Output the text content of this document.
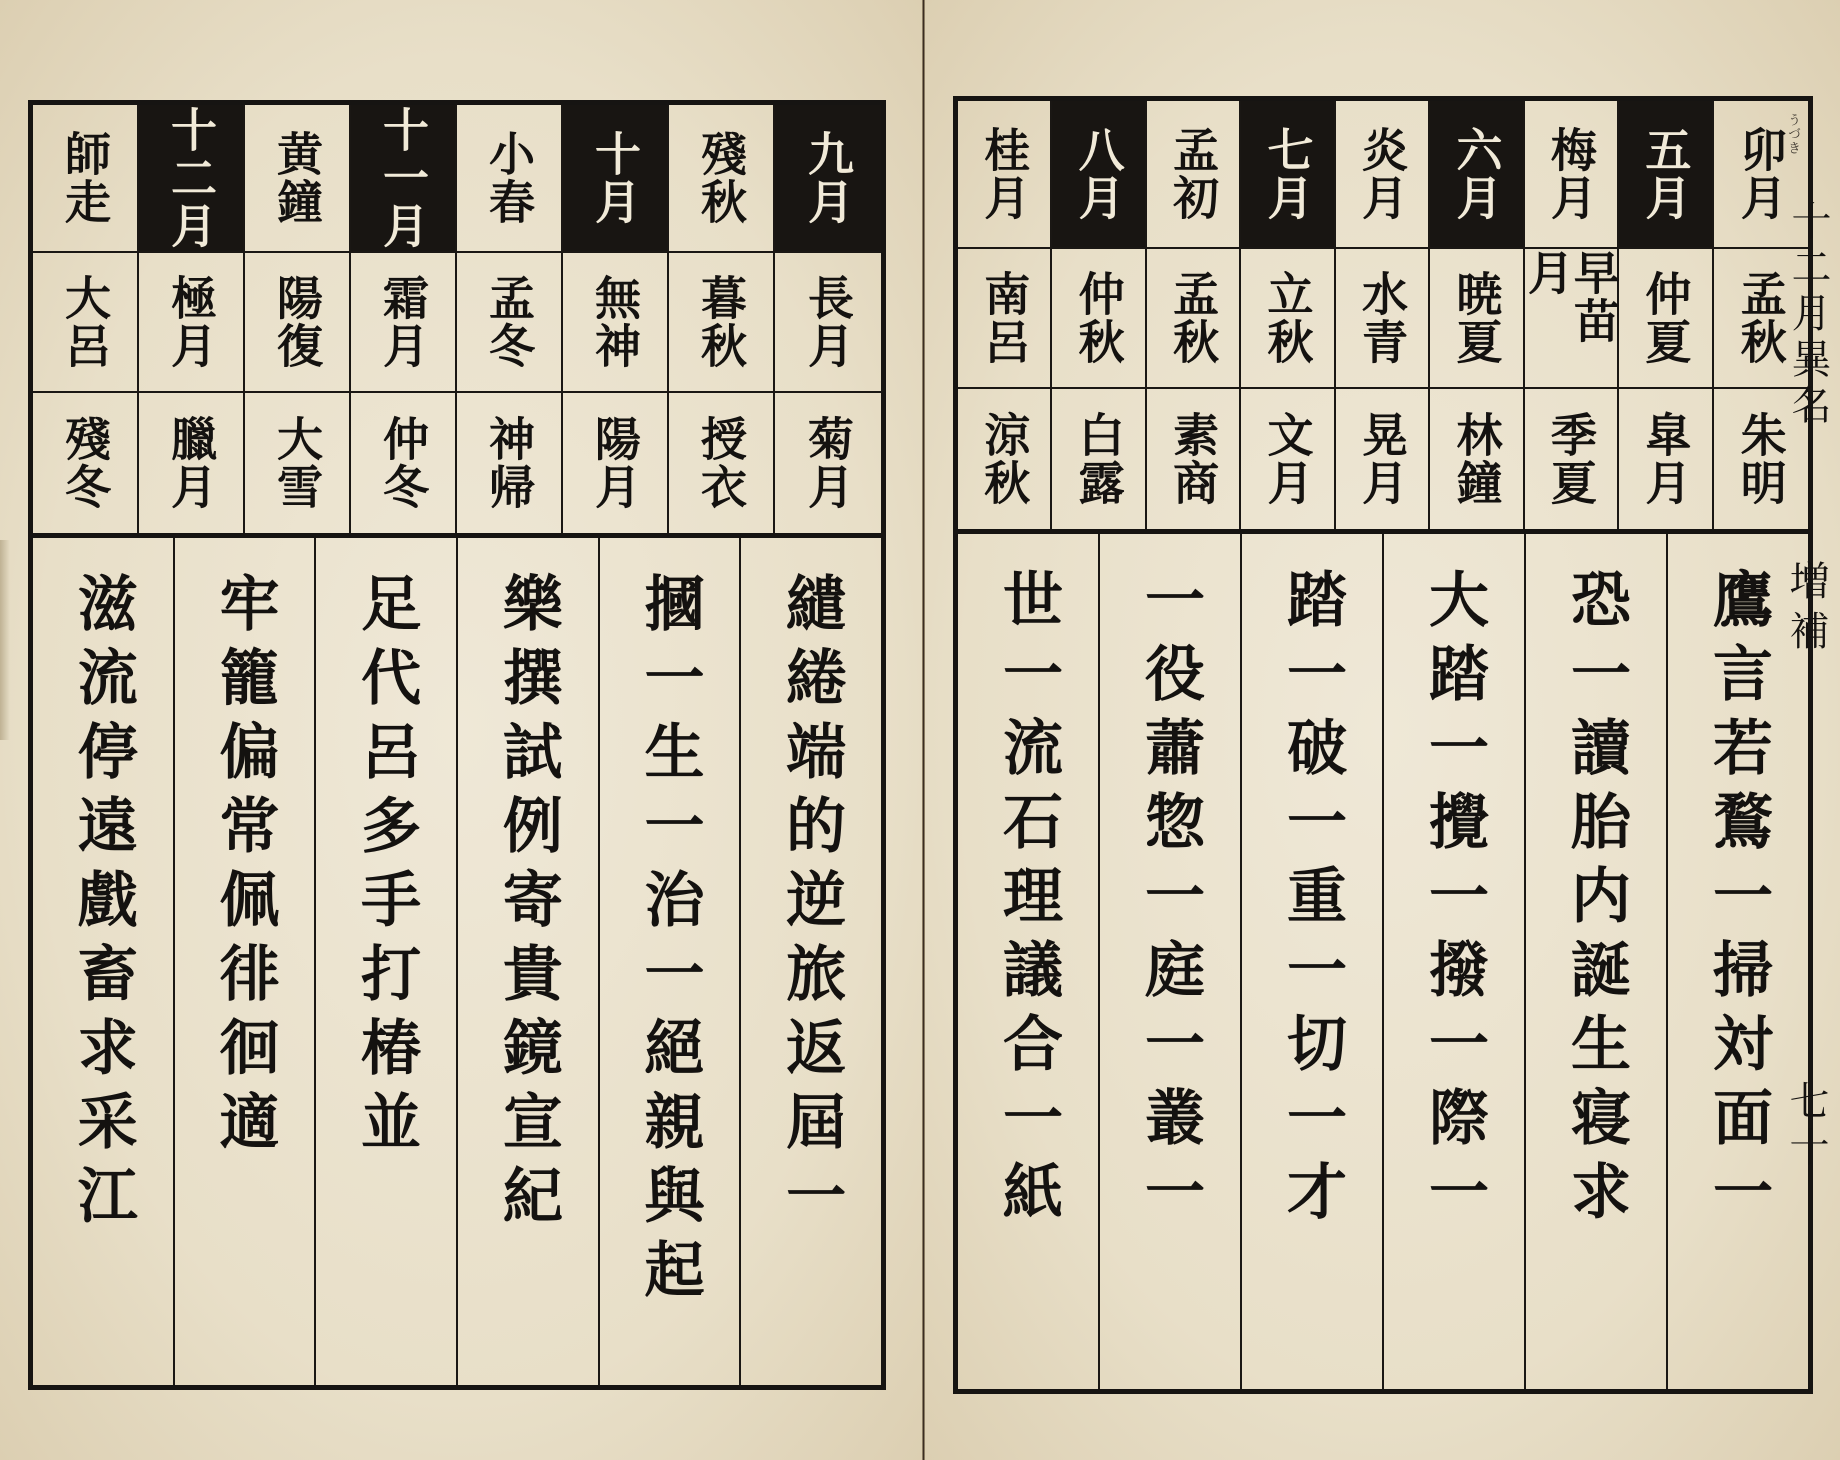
師走 十二月 黄鐘 十一月 小春 十月 殘秋 九月
大呂 極月 陽復 霜月 孟冬 無神 暮秋 長月
殘冬 臘月 大雪 仲冬 神帰 陽月 授衣 菊月
繾綣端的逆旅返屆一
摑一生一治一絕親與起
樂撰試例寄貴鏡宣紀
足代呂多手打椿並
牢籠偏常佩徘徊適
滋流停遠戲畜求采江
桂月 八月 孟初 七月 炎月 六月 梅月 五月 卯月
うづき
南呂 仲秋 孟秋 立秋 水青 暁夏	早苗月	仲夏 孟秋
涼秋 白露 素商 文月 晃月 林鐘 季夏 皐月 朱明
鷹言若鶩一掃対面一
恐一讀胎内誕生寝求
大踏一攪一撥一際一
踏一破一重一切一才
一役蕭惣一庭一叢一
世一流石理議合一紙
十二月異名
増補
七十
